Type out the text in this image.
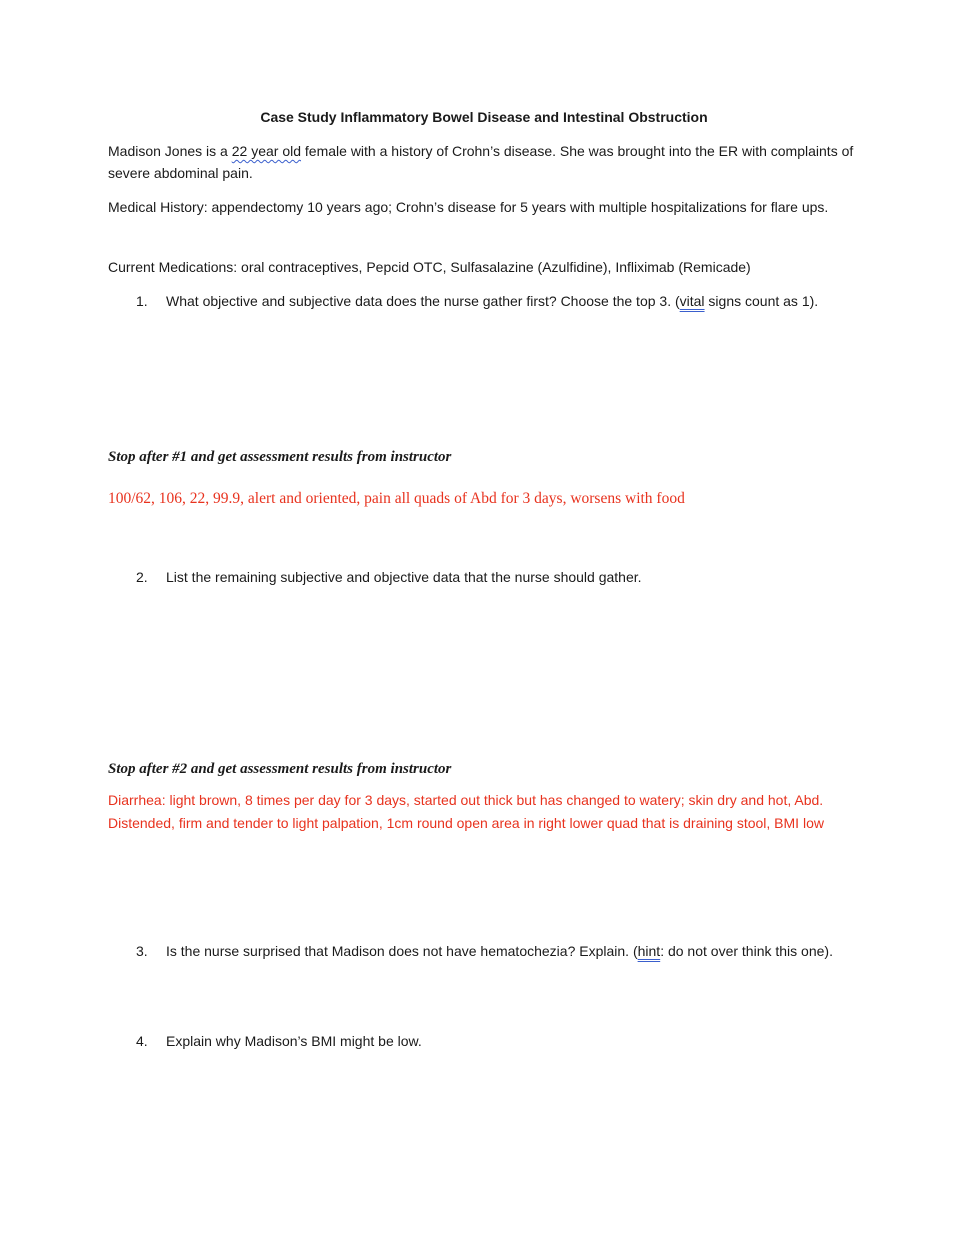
Case Study Inflammatory Bowel Disease and Intestinal Obstruction

Madison Jones is a 22 year old female with a history of Crohn’s disease. She was brought into the ER with complaints of severe abdominal pain.

Medical History: appendectomy 10 years ago; Crohn’s disease for 5 years with multiple hospitalizations for flare ups.

Current Medications: oral contraceptives, Pepcid OTC, Sulfasalazine (Azulfidine), Infliximab (Remicade)

1.	What objective and subjective data does the nurse gather first? Choose the top 3. (vital signs count as 1).

Stop after #1 and get assessment results from instructor

100/62, 106, 22, 99.9, alert and oriented, pain all quads of Abd for 3 days, worsens with food

2.	List the remaining subjective and objective data that the nurse should gather.

Stop after #2 and get assessment results from instructor

Diarrhea: light brown, 8 times per day for 3 days, started out thick but has changed to watery; skin dry and hot, Abd. Distended, firm and tender to light palpation, 1cm round open area in right lower quad that is draining stool, BMI low

3.	Is the nurse surprised that Madison does not have hematochezia? Explain. (hint: do not over think this one).
4.	Explain why Madison’s BMI might be low.
